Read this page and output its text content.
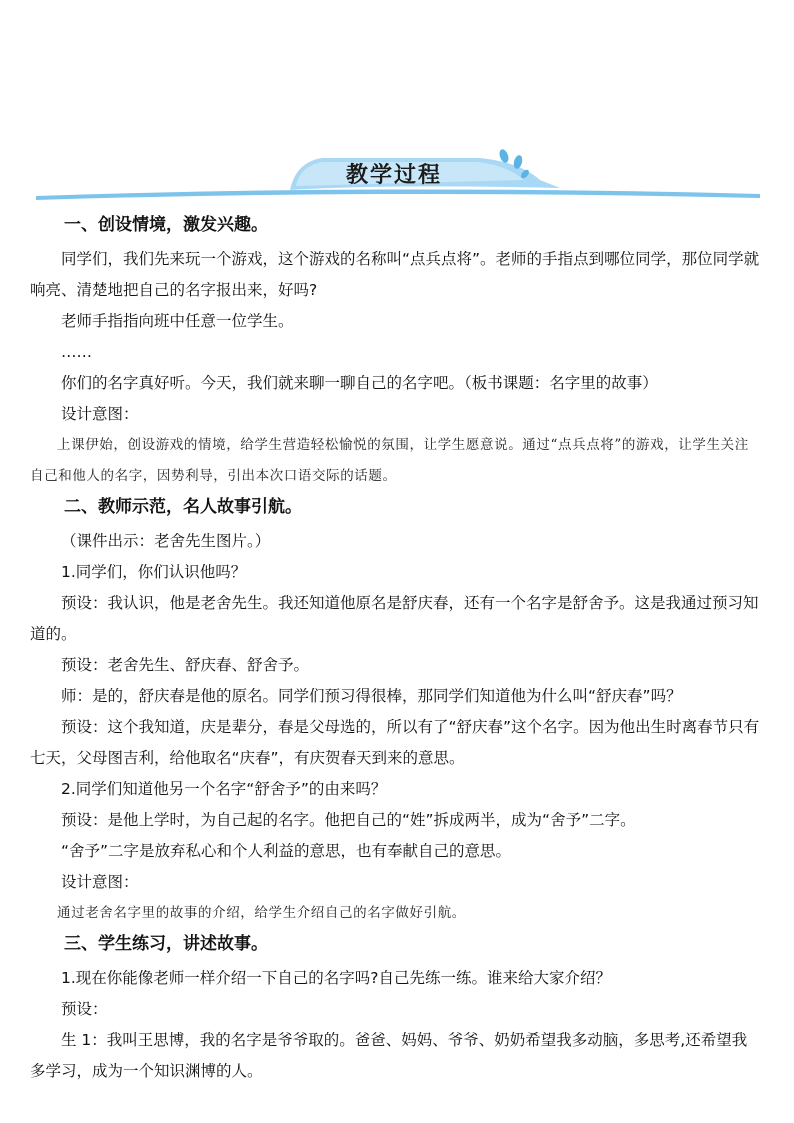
教学过程
一、创设情境，激发兴趣。

同学们，我们先来玩一个游戏，这个游戏的名称叫“点兵点将”。老师的手指点到哪位同学，那位同学就响亮、清楚地把自己的名字报出来，好吗?

老师手指指向班中任意一位学生。

……

你们的名字真好听。今天，我们就来聊一聊自己的名字吧。（板书课题：名字里的故事）

设计意图：

上课伊始，创设游戏的情境，给学生营造轻松愉悦的氛围，让学生愿意说。通过“点兵点将”的游戏，让学生关注自己和他人的名字，因势利导，引出本次口语交际的话题。

二、教师示范，名人故事引航。

（课件出示：老舍先生图片。）

1.同学们，你们认识他吗？

预设：我认识，他是老舍先生。我还知道他原名是舒庆春，还有一个名字是舒舍予。这是我通过预习知道的。

预设：老舍先生、舒庆春、舒舍予。

师：是的，舒庆春是他的原名。同学们预习得很棒，那同学们知道他为什么叫“舒庆春”吗？

预设：这个我知道，庆是辈分，春是父母选的，所以有了“舒庆春”这个名字。因为他出生时离春节只有七天，父母图吉利，给他取名“庆春”，有庆贺春天到来的意思。

2.同学们知道他另一个名字“舒舍予”的由来吗？

预设：是他上学时，为自己起的名字。他把自己的“姓”拆成两半，成为“舍予”二字。

“舍予”二字是放弃私心和个人利益的意思，也有奉献自己的意思。

设计意图：

通过老舍名字里的故事的介绍，给学生介绍自己的名字做好引航。

三、学生练习，讲述故事。

1.现在你能像老师一样介绍一下自己的名字吗?自己先练一练。谁来给大家介绍？

预设：

生 1：我叫王思博，我的名字是爷爷取的。爸爸、妈妈、爷爷、奶奶希望我多动脑，多思考,还希望我多学习，成为一个知识渊博的人。
